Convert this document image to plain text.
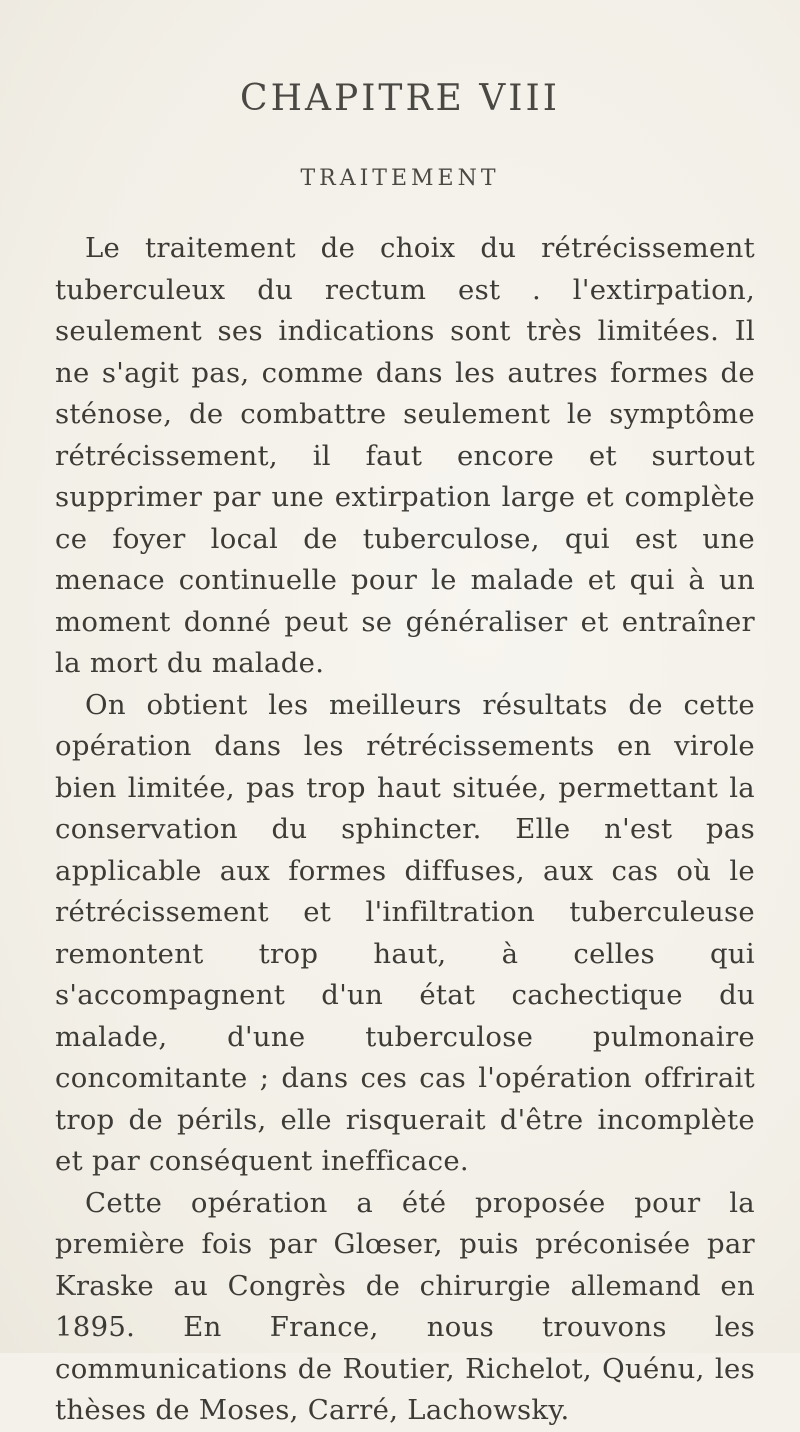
CHAPITRE VIII
TRAITEMENT

Le traitement de choix du rétrécissement tuberculeux du rectum est . l'extirpation, seulement ses indications sont très limitées. Il ne s'agit pas, comme dans les autres formes de sténose, de combattre seulement le symptôme rétrécissement, il faut encore et surtout supprimer par une extirpation large et complète ce foyer local de tuberculose, qui est une menace continuelle pour le malade et qui à un moment donné peut se généraliser et entraîner la mort du malade.

On obtient les meilleurs résultats de cette opération dans les rétrécissements en virole bien limitée, pas trop haut située, permettant la conservation du sphincter. Elle n'est pas applicable aux formes diffuses, aux cas où le rétrécissement et l'infiltration tuberculeuse remontent trop haut, à celles qui s'accompagnent d'un état cachectique du malade, d'une tuberculose pulmonaire concomitante ; dans ces cas l'opération offrirait trop de périls, elle risquerait d'être incomplète et par conséquent inefficace.

Cette opération a été proposée pour la première fois par Glœser, puis préconisée par Kraske au Congrès de chirurgie allemand en 1895. En France, nous trouvons les communications de Routier, Richelot, Quénu, les thèses de Moses, Carré, Lachowsky.
